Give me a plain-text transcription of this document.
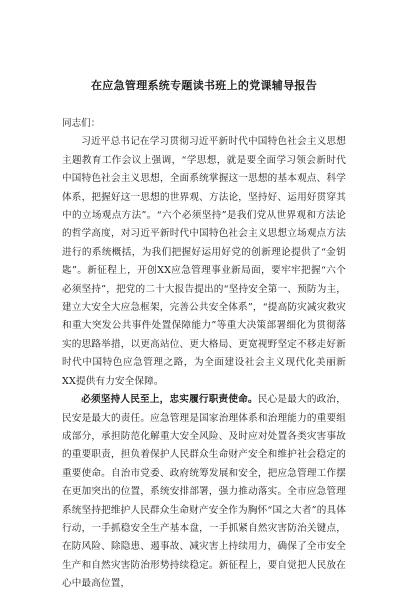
在应急管理系统专题读书班上的党课辅导报告

同志们：

习近平总书记在学习贯彻习近平新时代中国特色社会主义思想主题教育工作会议上强调，“学思想，就是要全面学习领会新时代中国特色社会主义思想，全面系统掌握这一思想的基本观点、科学体系，把握好这一思想的世界观、方法论，坚持好、运用好贯穿其中的立场观点方法”。“六个必须坚持”是我们党从世界观和方法论的哲学高度，对习近平新时代中国特色社会主义思想立场观点方法进行的系统概括，为我们把握好运用好党的创新理论提供了“金钥匙”。新征程上，开创XX应急管理事业新局面，要牢牢把握“六个必须坚持”，把党的二十大报告提出的“坚持安全第一、预防为主，建立大安全大应急框架，完善公共安全体系”，“提高防灾减灾救灾和重大突发公共事件处置保障能力”等重大决策部署细化为贯彻落实的思路举措，以更高站位、更大格局、更宽视野坚定不移走好新时代中国特色应急管理之路，为全面建设社会主义现代化美丽新XX提供有力安全保障。

必须坚持人民至上，忠实履行职责使命。民心是最大的政治，民安是最大的责任。应急管理是国家治理体系和治理能力的重要组成部分，承担防范化解重大安全风险、及时应对处置各类灾害事故的重要职责，担负着保护人民群众生命财产安全和维护社会稳定的重要使命。自治市党委、政府统筹发展和安全，把应急管理工作摆在更加突出的位置，系统安排部署，强力推动落实。全市应急管理系统坚持把维护人民群众生命财产安全作为胸怀“国之大者”的具体行动，一手抓稳安全生产基本盘，一手抓紧自然灾害防治关键点，在防风险、除隐患、遏事故、减灾害上持续用力，确保了全市安全生产和自然灾害防治形势持续稳定。新征程上，要自觉把人民放在心中最高位置，
